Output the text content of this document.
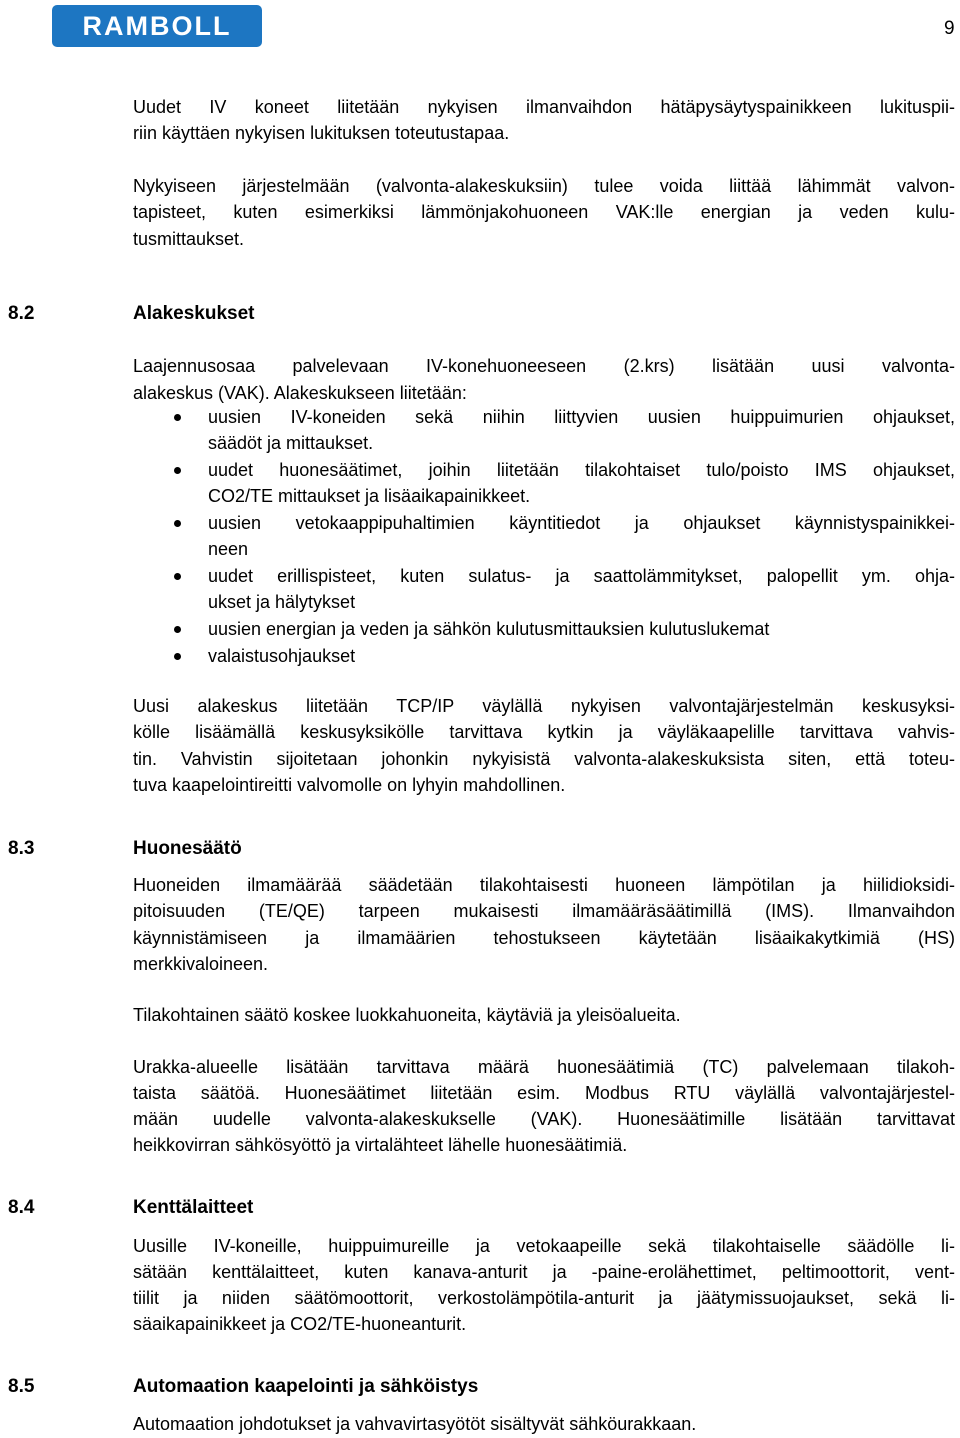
RAMBOLL	9
Uudet IV koneet liitetään nykyisen ilmanvaihdon hätäpysäytyspainikkeen lukituspii-
riin käyttäen nykyisen lukituksen toteutustapaa.
Nykyiseen järjestelmään (valvonta-alakeskuksiin) tulee voida liittää lähimmät valvon-
tapisteet, kuten esimerkiksi lämmönjakohuoneen VAK:lle energian ja veden kulu-
tusmittaukset.
8.2	Alakeskukset
Laajennusosaa palvelevaan IV-konehuoneeseen (2.krs) lisätään uusi valvonta-
alakeskus (VAK). Alakeskukseen liitetään:
uusien IV-koneiden sekä niihin liittyvien uusien huippuimurien ohjaukset,
säädöt ja mittaukset.
uudet huonesäätimet, joihin liitetään tilakohtaiset tulo/poisto IMS ohjaukset,
CO2/TE mittaukset ja lisäaikapainikkeet.
uusien vetokaappipuhaltimien käyntitiedot ja ohjaukset käynnistyspainikkei-
neen
uudet erillispisteet, kuten sulatus- ja saattolämmitykset, palopellit ym. ohja-
ukset ja hälytykset
uusien energian ja veden ja sähkön kulutusmittauksien kulutuslukemat
valaistusohjaukset
Uusi alakeskus liitetään TCP/IP väylällä nykyisen valvontajärjestelmän keskusyksi-
kölle lisäämällä keskusyksikölle tarvittava kytkin ja väyläkaapelille tarvittava vahvis-
tin. Vahvistin sijoitetaan johonkin nykyisistä valvonta-alakeskuksista siten, että toteu-
tuva kaapelointireitti valvomolle on lyhyin mahdollinen.
8.3	Huonesäätö
Huoneiden ilmamäärää säädetään tilakohtaisesti huoneen lämpötilan ja hiilidioksidi-
pitoisuuden (TE/QE) tarpeen mukaisesti ilmamääräsäätimillä (IMS). Ilmanvaihdon
käynnistämiseen ja ilmamäärien tehostukseen käytetään lisäaikakytkimiä (HS)
merkkivaloineen.
Tilakohtainen säätö koskee luokkahuoneita, käytäviä ja yleisöalueita.
Urakka-alueelle lisätään tarvittava määrä huonesäätimiä (TC) palvelemaan tilakoh-
taista säätöä. Huonesäätimet liitetään esim. Modbus RTU väylällä valvontajärjestel-
mään uudelle valvonta-alakeskukselle (VAK). Huonesäätimille lisätään tarvittavat
heikkovirran sähkösyöttö ja virtalähteet lähelle huonesäätimiä.
8.4	Kenttälaitteet
Uusille IV-koneille, huippuimureille ja vetokaapeille sekä tilakohtaiselle säädölle li-
sätään kenttälaitteet, kuten kanava-anturit ja -paine-erolähettimet, peltimoottorit, vent-
tiilit ja niiden säätömoottorit, verkostolämpötila-anturit ja jäätymissuojaukset, sekä li-
säaikapainikkeet ja CO2/TE-huoneanturit.
8.5	Automaation kaapelointi ja sähköistys
Automaation johdotukset ja vahvavirtasyötöt sisältyvät sähköurakkaan.
